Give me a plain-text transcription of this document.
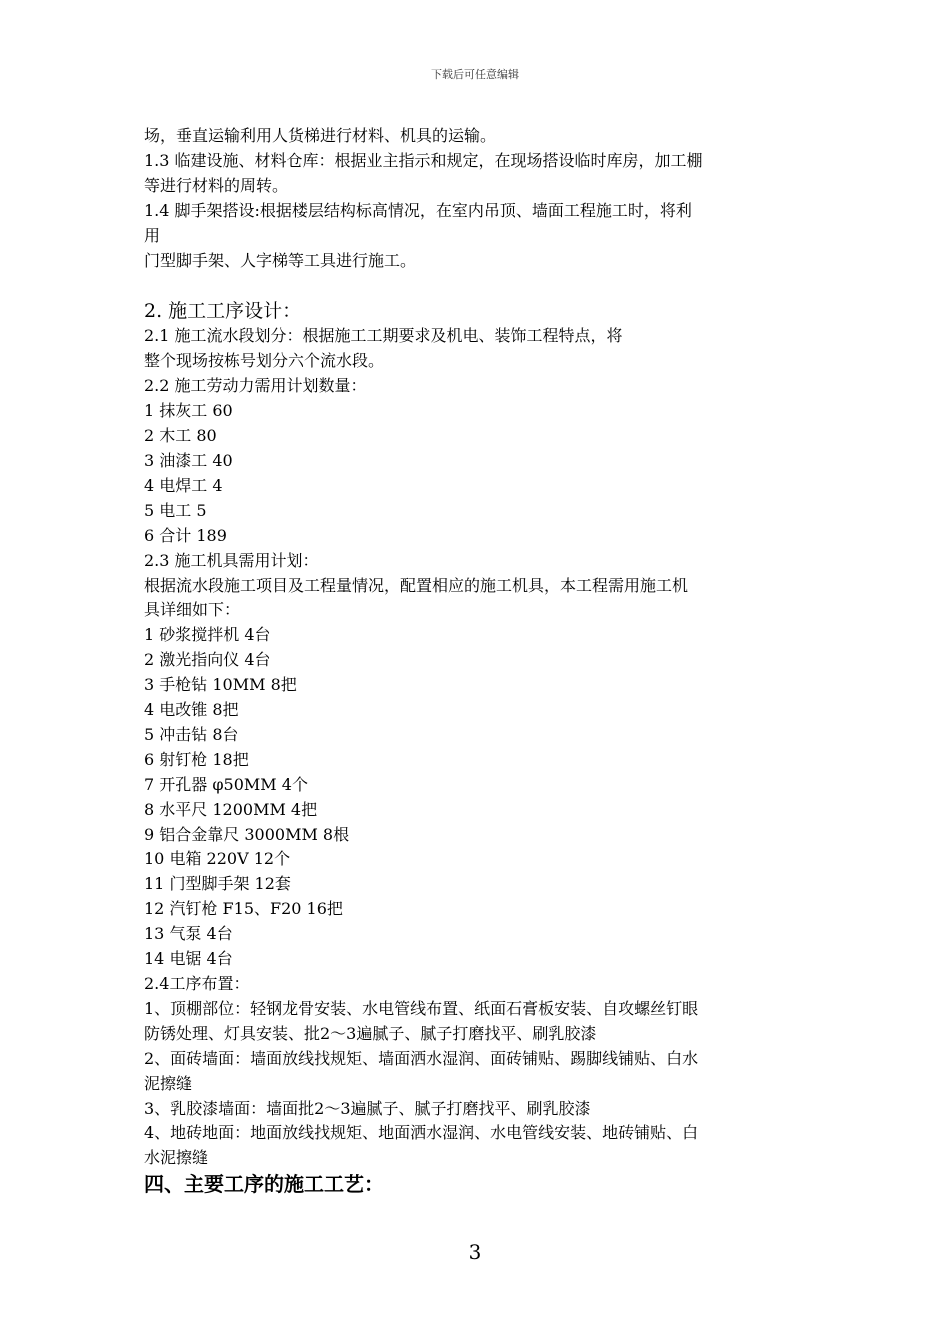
下载后可任意编辑
场，垂直运输利用人货梯进行材料、机具的运输。
1.3 临建设施、材料仓库：根据业主指示和规定，在现场搭设临时库房，加工棚
等进行材料的周转。
1.4 脚手架搭设:根据楼层结构标高情况，在室内吊顶、墙面工程施工时，将利
用
门型脚手架、人字梯等工具进行施工。
2. 施工工序设计：
2.1 施工流水段划分：根据施工工期要求及机电、装饰工程特点，将
整个现场按栋号划分六个流水段。
2.2 施工劳动力需用计划数量：
1 抹灰工 60
2 木工 80
3 油漆工 40
4 电焊工 4
5 电工 5
6 合计 189
2.3 施工机具需用计划：
根据流水段施工项目及工程量情况，配置相应的施工机具，本工程需用施工机
具详细如下：
1 砂浆搅拌机 4台
2 激光指向仪 4台
3 手枪钻 10MM 8把
4 电改锥 8把
5 冲击钻 8台
6 射钉枪 18把
7 开孔器 φ50MM 4个
8 水平尺 1200MM 4把
9 铝合金靠尺 3000MM 8根
10 电箱 220V 12个
11 门型脚手架 12套
12 汽钉枪 F15、F20 16把
13 气泵 4台
14 电锯 4台
2.4工序布置：
1、顶棚部位：轻钢龙骨安装、水电管线布置、纸面石膏板安装、自攻螺丝钉眼
防锈处理、灯具安装、批2～3遍腻子、腻子打磨找平、刷乳胶漆
2、面砖墙面：墙面放线找规矩、墙面洒水湿润、面砖铺贴、踢脚线铺贴、白水
泥擦缝
3、乳胶漆墙面：墙面批2～3遍腻子、腻子打磨找平、刷乳胶漆
4、地砖地面：地面放线找规矩、地面洒水湿润、水电管线安装、地砖铺贴、白
水泥擦缝
四、主要工序的施工工艺：
3
